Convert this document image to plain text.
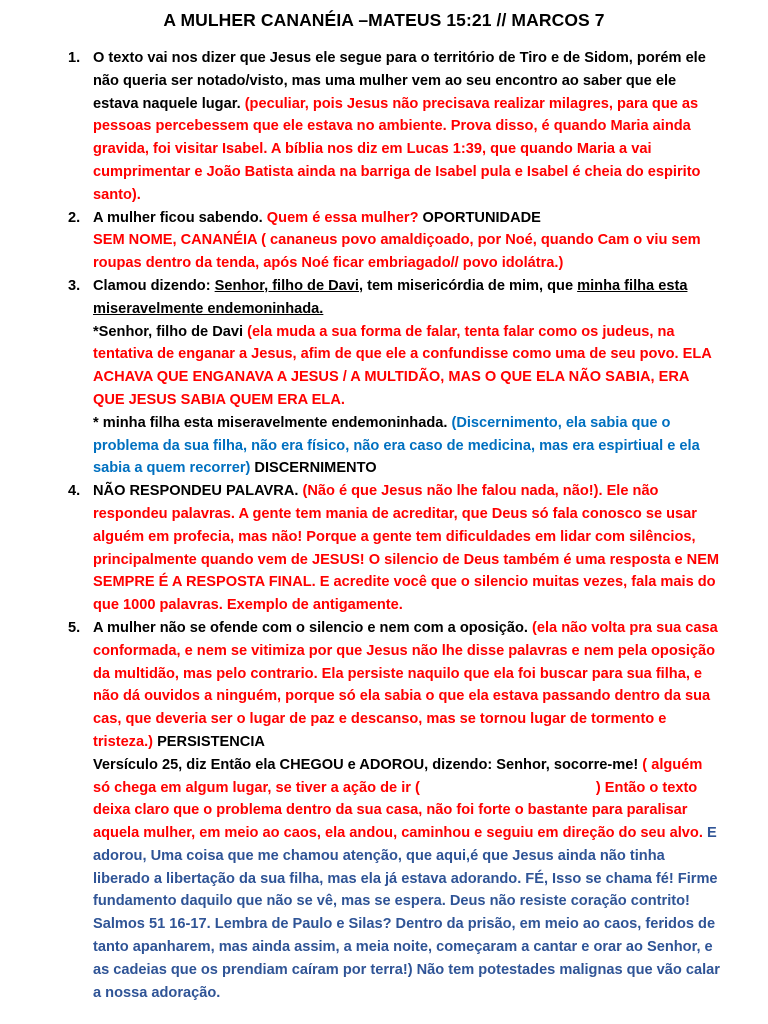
A MULHER CANANÉIA –MATEUS 15:21 // MARCOS 7
1. O texto vai nos dizer que Jesus ele segue para o território de Tiro e de Sidom, porém ele não queria ser notado/visto, mas uma mulher vem ao seu encontro ao saber que ele estava naquele lugar. (peculiar, pois Jesus não precisava realizar milagres, para que as pessoas percebessem que ele estava no ambiente. Prova disso, é quando Maria ainda gravida, foi visitar Isabel. A bíblia nos diz em Lucas 1:39, que quando Maria a vai cumprimentar e João Batista ainda na barriga de Isabel pula e Isabel é cheia do espirito santo).

2. A mulher ficou sabendo. Quem é essa mulher? OPORTUNIDADE

SEM NOME, CANANÉIA ( cananeus povo amaldiçoado, por Noé, quando Cam o viu sem roupas dentro da tenda, após Noé ficar embriagado// povo idolátra.)

3. Clamou dizendo: Senhor, filho de Davi, tem misericórdia de mim, que minha filha esta miseravelmente endemoninhada.

*Senhor, filho de Davi (ela muda a sua forma de falar, tenta falar como os judeus, na tentativa de enganar a Jesus, afim de que ele a confundisse como uma de seu povo. ELA ACHAVA QUE ENGANAVA A JESUS / A MULTIDÃO, MAS O QUE ELA NÃO SABIA, ERA QUE JESUS SABIA QUEM ERA ELA.

* minha filha esta miseravelmente endemoninhada. (Discernimento, ela sabia que o problema da sua filha, não era físico, não era caso de medicina, mas era espirtiual e ela sabia a quem recorrer) DISCERNIMENTO

4. NÃO RESPONDEU PALAVRA. (Não é que Jesus não lhe falou nada, não!). Ele não respondeu palavras. A gente tem mania de acreditar, que Deus só fala conosco se usar alguém em profecia, mas não! Porque a gente tem dificuldades em lidar com silêncios, principalmente quando vem de JESUS! O silencio de Deus também é uma resposta e NEM SEMPRE É A RESPOSTA FINAL. E acredite você que o silencio muitas vezes, fala mais do que 1000 palavras. Exemplo de antigamente.

5. A mulher não se ofende com o silencio e nem com a oposição. (ela não volta pra sua casa conformada, e nem se vitimiza por que Jesus não lhe disse palavras e nem pela oposição da multidão, mas pelo contrario. Ela persiste naquilo que ela foi buscar para sua filha, e não dá ouvidos a ninguém, porque só ela sabia o que ela estava passando dentro da sua cas, que deveria ser o lugar de paz e descanso, mas se tornou lugar de tormento e tristeza.) PERSISTENCIA

Versículo 25, diz Então ela CHEGOU e ADOROU, dizendo: Senhor, socorre-me! ( alguém só chega em algum lugar, se tiver a ação de ir (	) Então o texto deixa claro que o problema dentro da sua casa, não foi forte o bastante para paralisar aquela mulher, em meio ao caos, ela andou, caminhou e seguiu em direção do seu alvo. E adorou, Uma coisa que me chamou atenção, que aqui,é que Jesus ainda não tinha liberado a libertação da sua filha, mas ela já estava adorando. FÉ, Isso se chama fé! Firme fundamento daquilo que não se vê, mas se espera. Deus não resiste coração contrito! Salmos 51 16-17. Lembra de Paulo e Silas? Dentro da prisão, em meio ao caos, feridos de tanto apanharem, mas ainda assim, a meia noite, começaram a cantar e orar ao Senhor, e as cadeias que os prendiam caíram por terra!) Não tem potestades malignas que vão calar a nossa adoração.
